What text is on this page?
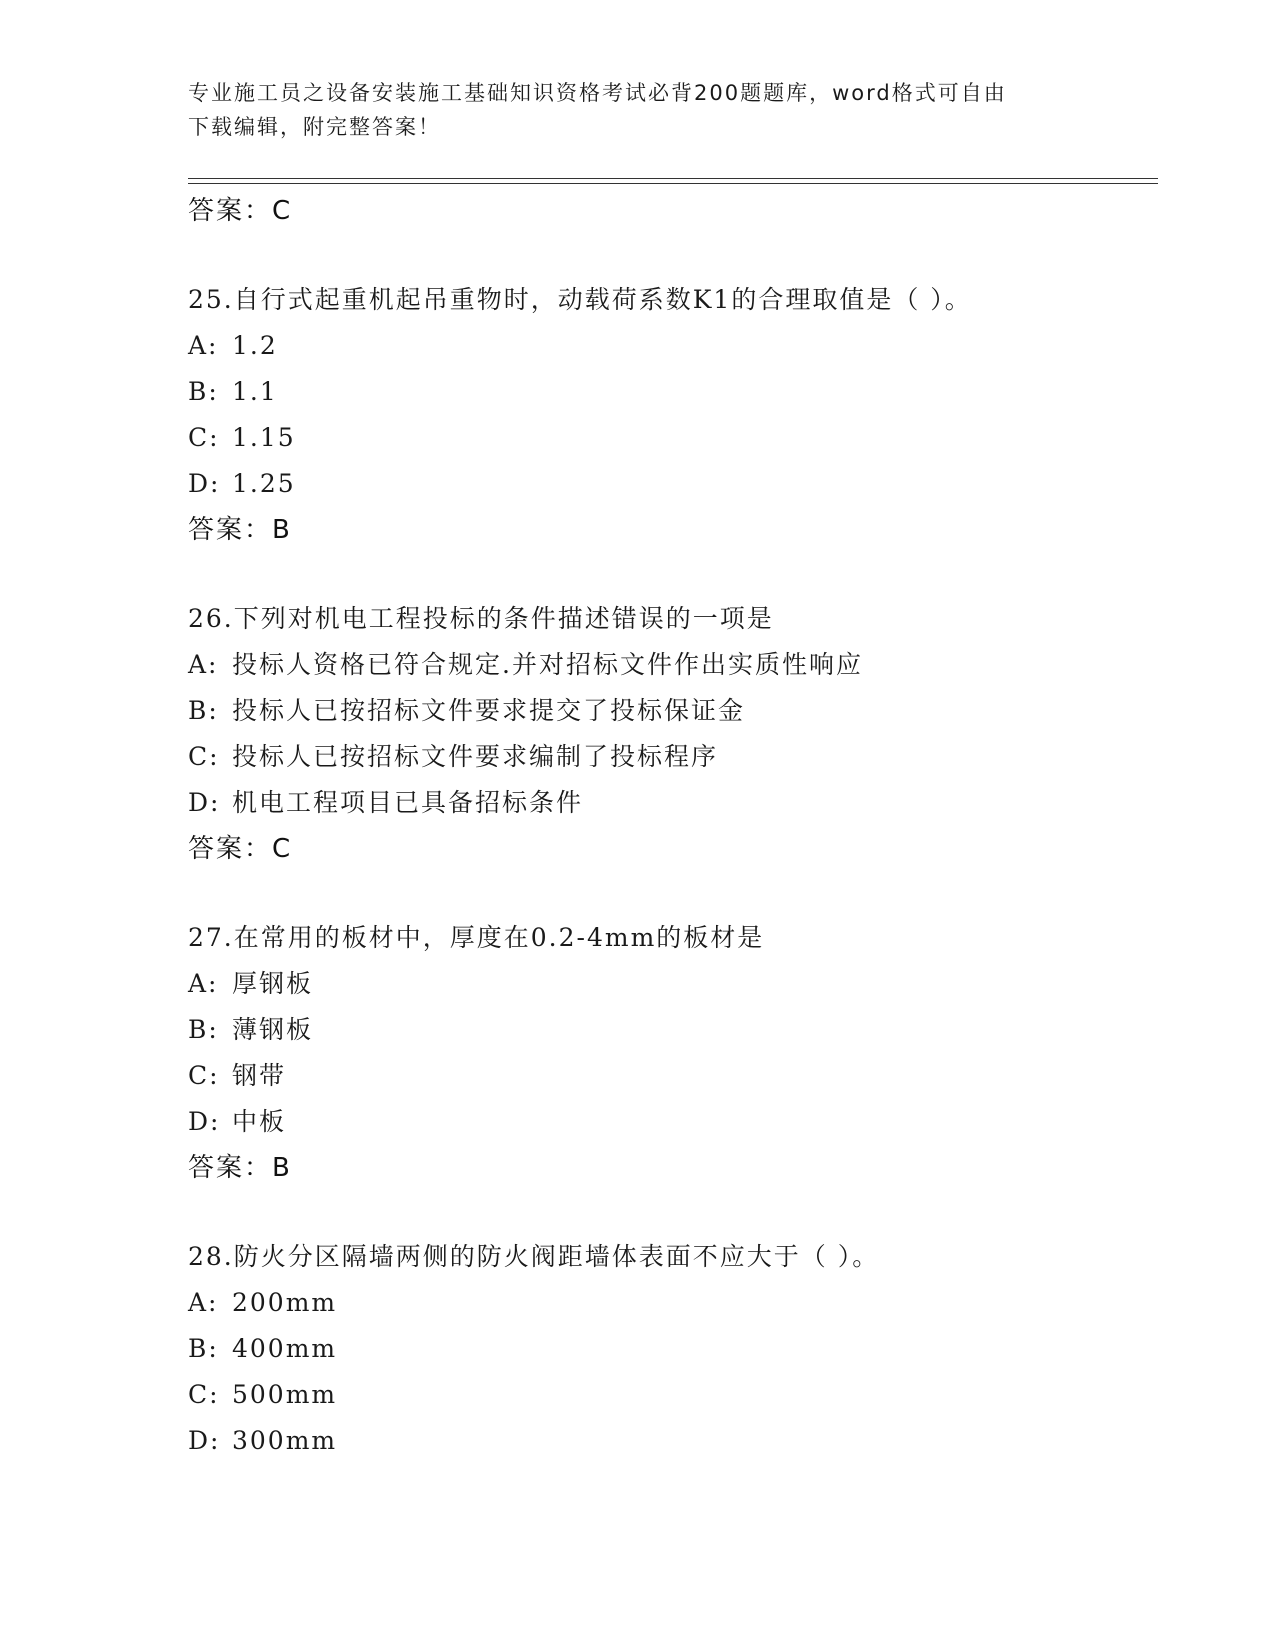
专业施工员之设备安装施工基础知识资格考试必背200题题库，word格式可自由
下载编辑，附完整答案！
答案：C
25.自行式起重机起吊重物时，动载荷系数K1的合理取值是（ ）。
A: 1.2
B: 1.1
C: 1.15
D: 1.25
答案：B
26.下列对机电工程投标的条件描述错误的一项是
A: 投标人资格已符合规定.并对招标文件作出实质性响应
B: 投标人已按招标文件要求提交了投标保证金
C: 投标人已按招标文件要求编制了投标程序
D: 机电工程项目已具备招标条件
答案：C
27.在常用的板材中，厚度在0.2-4mm的板材是
A: 厚钢板
B: 薄钢板
C: 钢带
D: 中板
答案：B
28.防火分区隔墙两侧的防火阀距墙体表面不应大于（ ）。
A: 200mm
B: 400mm
C: 500mm
D: 300mm
